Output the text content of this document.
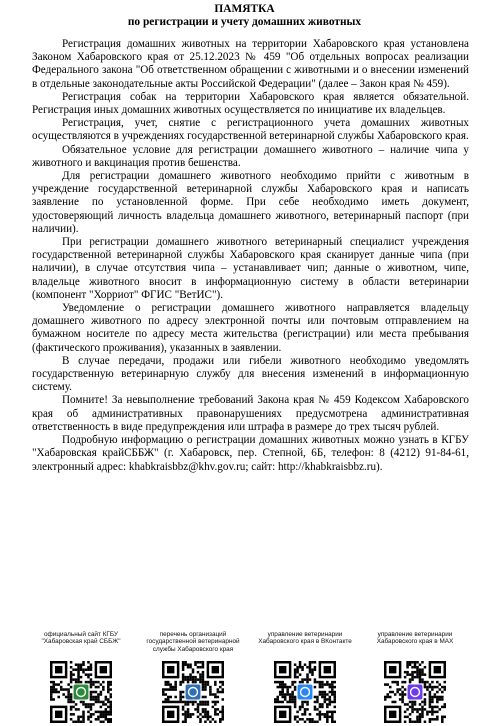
ПАМЯТКА
по регистрации и учету домашних животных

Регистрация домашних животных на территории Хабаровского края установлена Законом Хабаровского края от 25.12.2023 № 459 "Об отдельных вопросах реализации Федерального закона "Об ответственном обращении с животными и о внесении изменений в отдельные законодательные акты Российской Федерации" (далее – Закон края № 459).

Регистрация собак на территории Хабаровского края является обязательной. Регистрация иных домашних животных осуществляется по инициативе их владельцев.

Регистрация, учет, снятие с регистрационного учета домашних животных осуществляются в учреждениях государственной ветеринарной службы Хабаровского края.

Обязательное условие для регистрации домашнего животного – наличие чипа у животного и вакцинация против бешенства.

Для регистрации домашнего животного необходимо прийти с животным в учреждение государственной ветеринарной службы Хабаровского края и написать заявление по установленной форме. При себе необходимо иметь документ, удостоверяющий личность владельца домашнего животного, ветеринарный паспорт (при наличии).

При регистрации домашнего животного ветеринарный специалист учреждения государственной ветеринарной службы Хабаровского края сканирует данные чипа (при наличии), в случае отсутствия чипа – устанавливает чип; данные о животном, чипе, владельце животного вносит в информационную систему в области ветеринарии (компонент "Хорриот" ФГИС "ВетИС").

Уведомление о регистрации домашнего животного направляется владельцу домашнего животного по адресу электронной почты или почтовым отправлением на бумажном носителе по адресу места жительства (регистрации) или места пребывания (фактического проживания), указанных в заявлении.

В случае передачи, продажи или гибели животного необходимо уведомлять государственную ветеринарную службу для внесения изменений в информационную систему.

Помните! За невыполнение требований Закона края № 459 Кодексом Хабаровского края об административных правонарушениях предусмотрена административная ответственность в виде предупреждения или штрафа в размере до трех тысяч рублей.

Подробную информацию о регистрации домашних животных можно узнать в КГБУ "Хабаровская крайСББЖ" (г. Хабаровск, пер. Степной, 6Б, телефон: 8 (4212) 91-84-61, электронный адрес: khabkraisbbz@khv.gov.ru; сайт: http://khabkraisbbz.ru).

официальный сайт КГБУ "Хабаровская край СББЖ"
перечень организаций государственной ветеринарной службы Хабаровского края
управление ветеринарии Хабаровского края в ВКонтакте
управление ветеринарии Хабаровского края в MAX
